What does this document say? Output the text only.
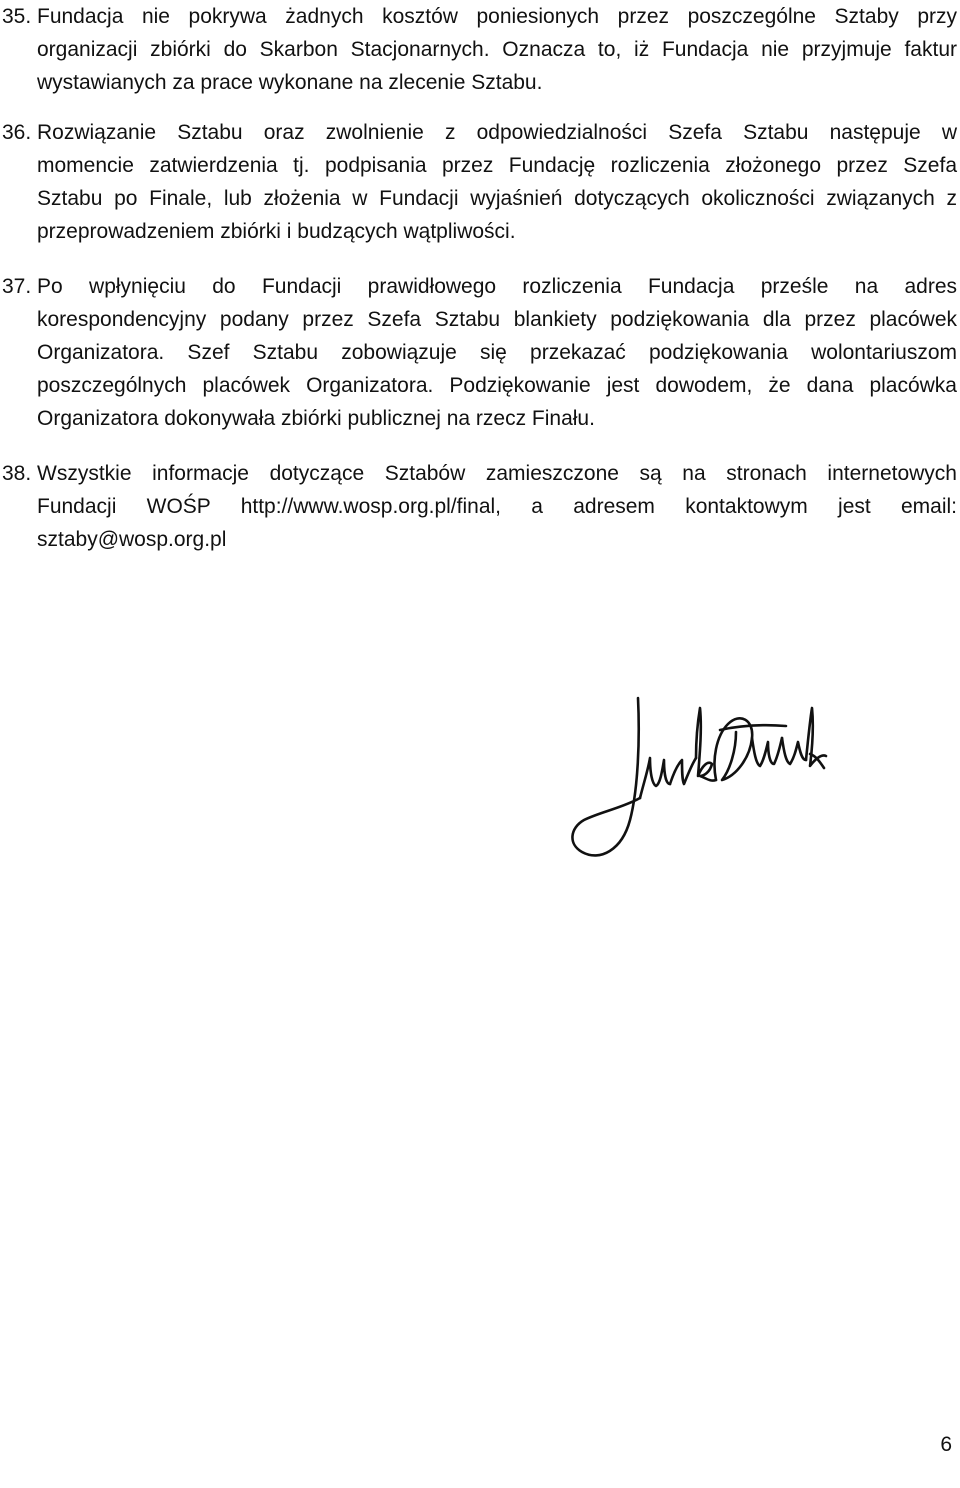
35. Fundacja nie pokrywa żadnych kosztów poniesionych przez poszczególne Sztaby przy
organizacji zbiórki do Skarbon Stacjonarnych. Oznacza to, iż Fundacja nie przyjmuje faktur
wystawianych za prace wykonane na zlecenie Sztabu.
36. Rozwiązanie Sztabu oraz zwolnienie z odpowiedzialności Szefa Sztabu następuje w
momencie zatwierdzenia tj. podpisania przez Fundację rozliczenia złożonego przez Szefa
Sztabu po Finale, lub złożenia w Fundacji wyjaśnień dotyczących okoliczności związanych z
przeprowadzeniem zbiórki i budzących wątpliwości.
37. Po wpłynięciu do Fundacji prawidłowego rozliczenia Fundacja prześle na adres
korespondencyjny podany przez Szefa Sztabu blankiety podziękowania dla przez placówek
Organizatora. Szef Sztabu zobowiązuje się przekazać podziękowania wolontariuszom
poszczególnych placówek Organizatora. Podziękowanie jest dowodem, że dana placówka
Organizatora dokonywała zbiórki publicznej na rzecz Finału.
38. Wszystkie informacje dotyczące Sztabów zamieszczone są na stronach internetowych
Fundacji WOŚP http://www.wosp.org.pl/final, a adresem kontaktowym jest email:
sztaby@wosp.org.pl
6
